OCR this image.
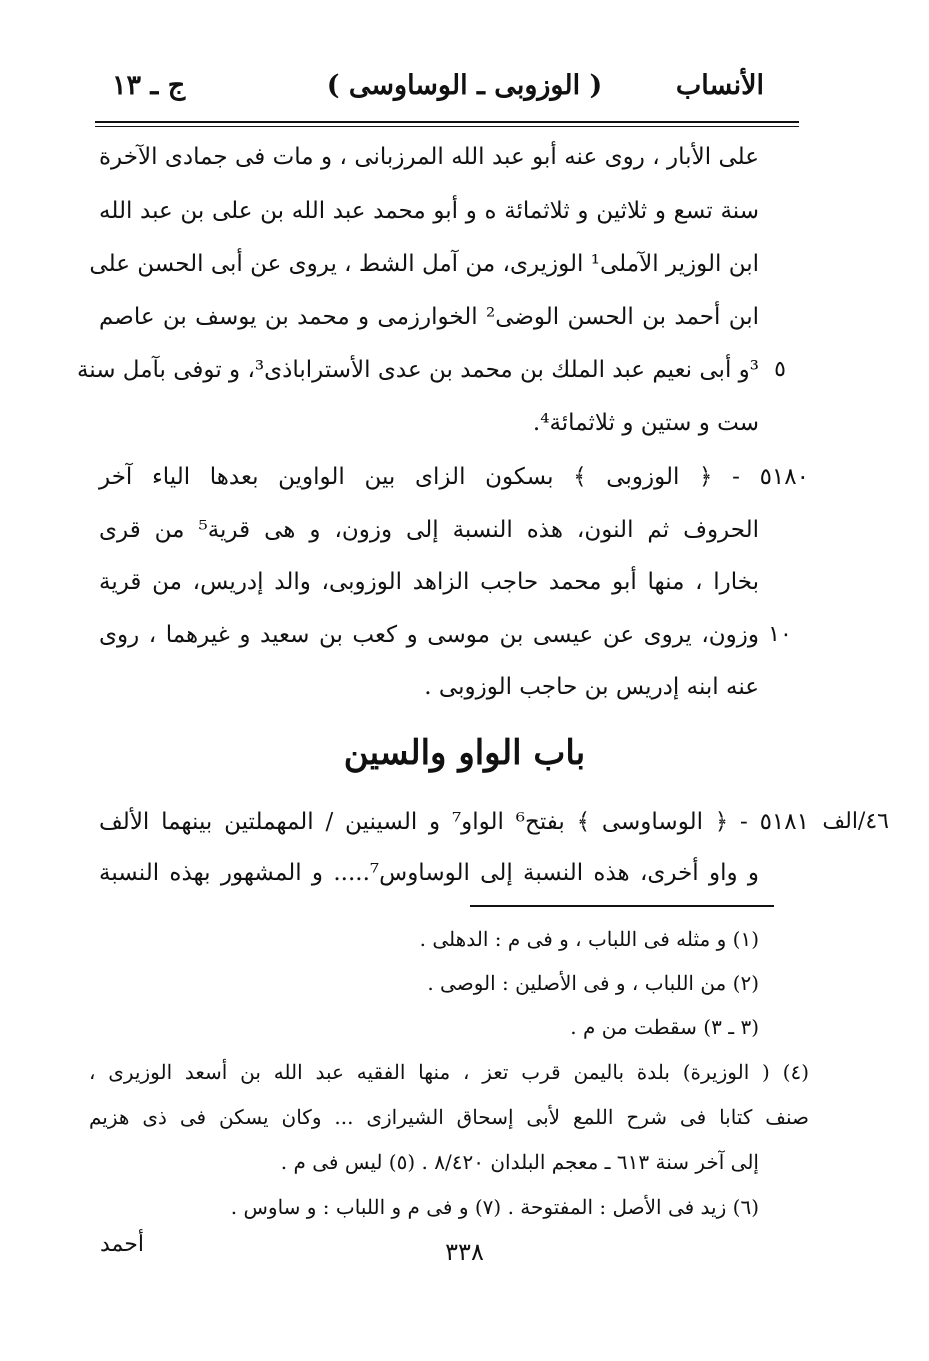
الأنساب
( الوزوبى ـ الوساوسى )
ج ـ ١٣
على الأبار ، روى عنه أبو عبد الله المرزبانى ، و مات فى جمادى الآخرة
سنة تسع و ثلاثين و ثلاثمائة ه و أبو محمد عبد الله بن على بن عبد الله
ابن الوزير الآملى¹ الوزيرى، من آمل الشط ، يروى عن أبى الحسن على
ابن أحمد بن الحسن الوضى² الخوارزمى و محمد بن يوسف بن عاصم
³و أبى نعيم عبد الملك بن محمد بن عدى الأستراباذى³، و توفى بآمل سنة ٥
ست و ستين و ثلاثمائة⁴.
٥١٨٠ - ﴿ الوزوبى ﴾ بسكون الزاى بين الواوين بعدها الياء آخر
الحروف ثم النون، هذه النسبة إلى وزون، و هى قرية⁵ من قرى
بخارا ، منها أبو محمد حاجب الزاهد الوزوبى، والد إدريس، من قرية
وزون، يروى عن عيسى بن موسى و كعب بن سعيد و غيرهما ، روى ١٠
عنه ابنه إدريس بن حاجب الوزوبى .
باب الواو والسين
٤٦/الف
٥١٨١ - ﴿ الوساوسى ﴾ بفتح⁶ الواو⁷ و السينين / المهملتين بينهما الألف
و واو أخرى، هذه النسبة إلى الوساوس⁷..... و المشهور بهذه النسبة
(١) و مثله فى اللباب ، و فى م : الدهلى .
(٢) من اللباب ، و فى الأصلين : الوصى .
(٣ ـ ٣) سقطت من م .
(٤) ( الوزيرة) بلدة باليمن قرب تعز ، منها الفقيه عبد الله بن أسعد الوزيرى ،
صنف كتابا فى شرح اللمع لأبى إسحاق الشيرازى ... وكان يسكن فى ذى هزيم
إلى آخر سنة ٦١٣ ـ معجم البلدان ٨/٤٢٠ . (٥) ليس فى م .
(٦) زيد فى الأصل : المفتوحة . (٧) و فى م و اللباب : و ساوس .
٣٣٨
أحمد
